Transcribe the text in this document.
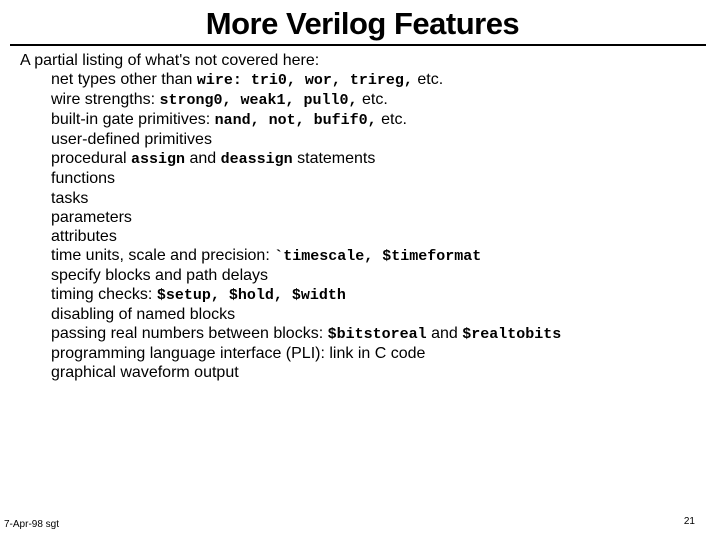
More Verilog Features
A partial listing of what's not covered here:
net types other than wire: tri0, wor, trireg, etc.
wire strengths: strong0, weak1, pull0, etc.
built-in gate primitives: nand, not, bufif0, etc.
user-defined primitives
procedural assign and deassign statements
functions
tasks
parameters
attributes
time units, scale and precision: `timescale, $timeformat
specify blocks and path delays
timing checks: $setup, $hold, $width
disabling of named blocks
passing real numbers between blocks: $bitstoreal and $realtobits
programming language interface (PLI): link in C code
graphical waveform output
7-Apr-98 sgt	21
